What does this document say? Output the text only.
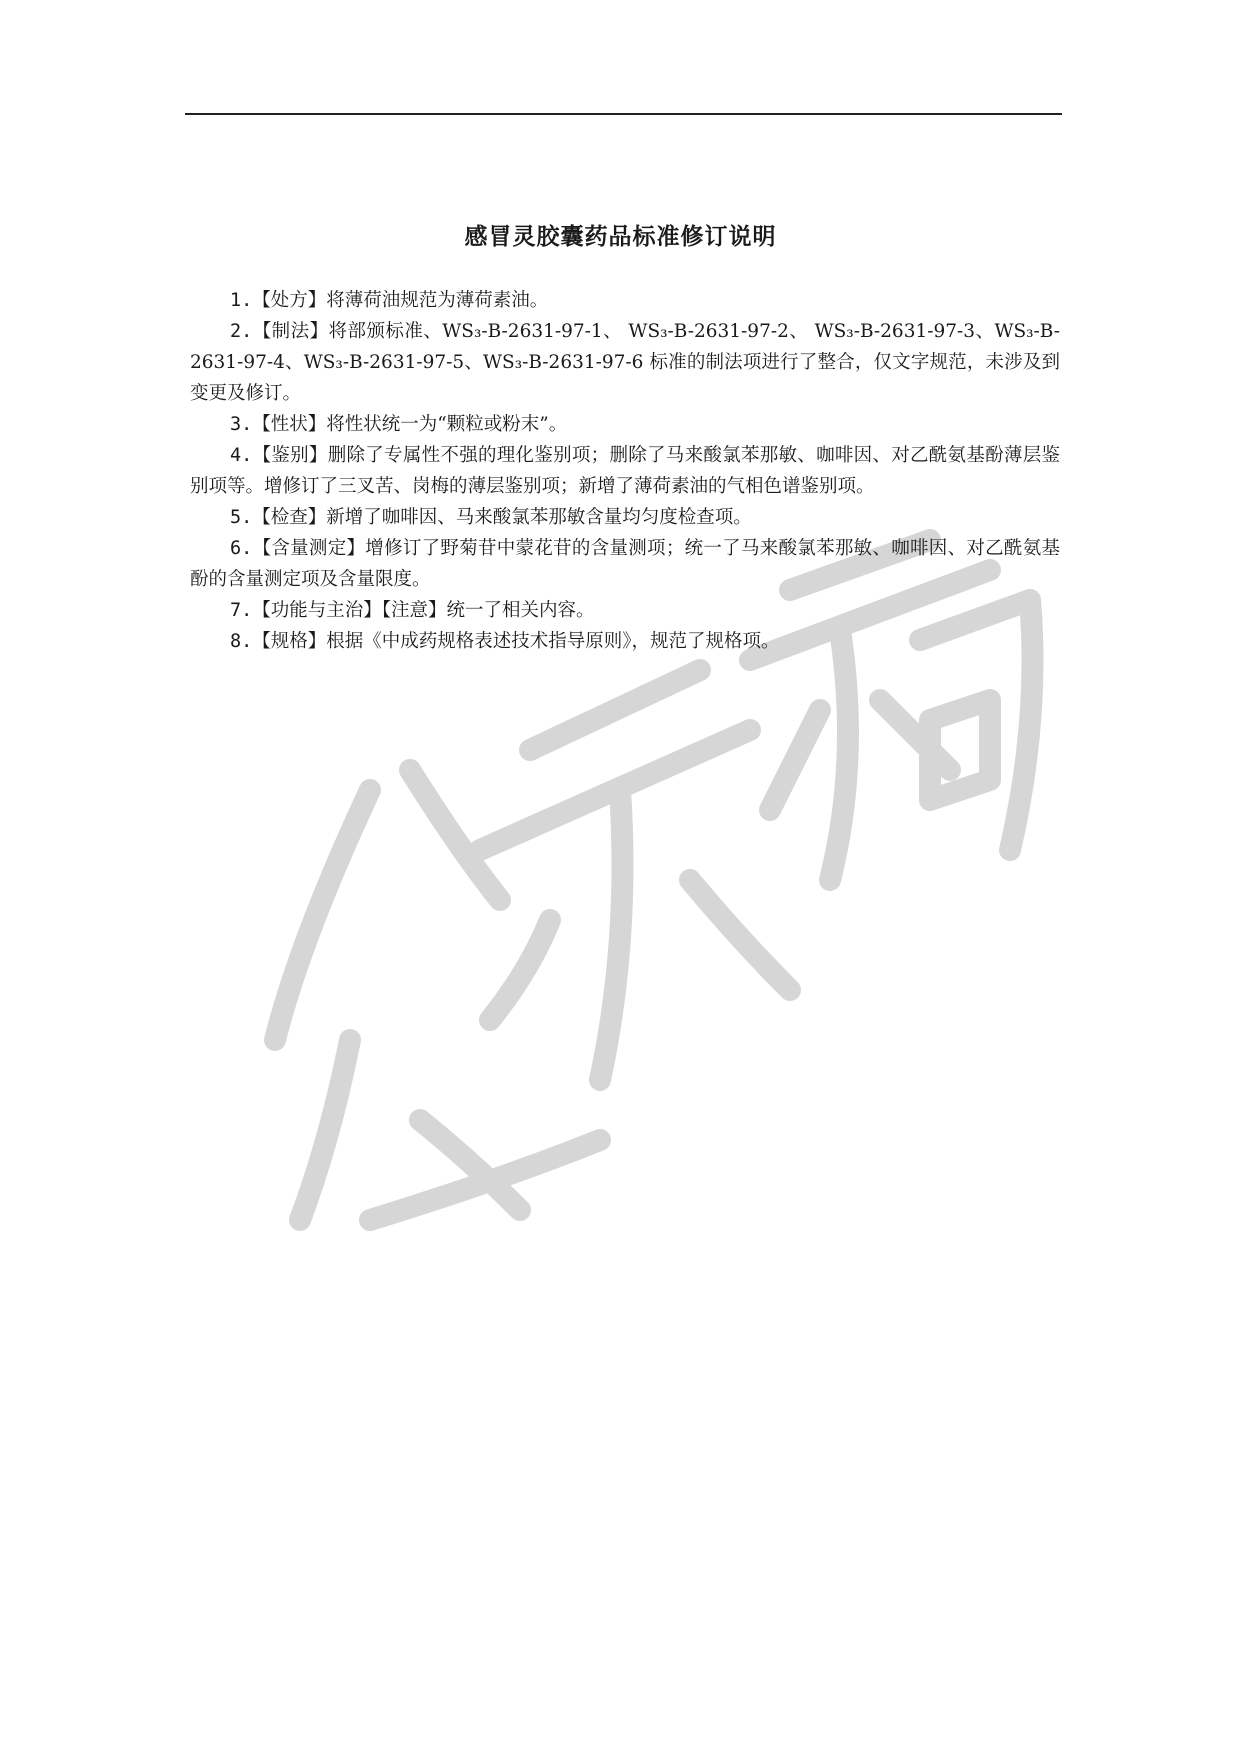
感冒灵胶囊药品标准修订说明

1.【处方】将薄荷油规范为薄荷素油。

2.【制法】将部颁标准、WS₃-B-2631-97-1、 WS₃-B-2631-97-2、 WS₃-B-2631-97-3、WS₃-B-2631-97-4、WS₃-B-2631-97-5、WS₃-B-2631-97-6 标准的制法项进行了整合，仅文字规范，未涉及到变更及修订。

3.【性状】将性状统一为“颗粒或粉末”。

4.【鉴别】删除了专属性不强的理化鉴别项；删除了马来酸氯苯那敏、咖啡因、对乙酰氨基酚薄层鉴别项等。增修订了三叉苦、岗梅的薄层鉴别项；新增了薄荷素油的气相色谱鉴别项。

5.【检查】新增了咖啡因、马来酸氯苯那敏含量均匀度检查项。

6.【含量测定】增修订了野菊苷中蒙花苷的含量测项；统一了马来酸氯苯那敏、咖啡因、对乙酰氨基酚的含量测定项及含量限度。

7.【功能与主治】【注意】统一了相关内容。

8.【规格】根据《中成药规格表述技术指导原则》，规范了规格项。
